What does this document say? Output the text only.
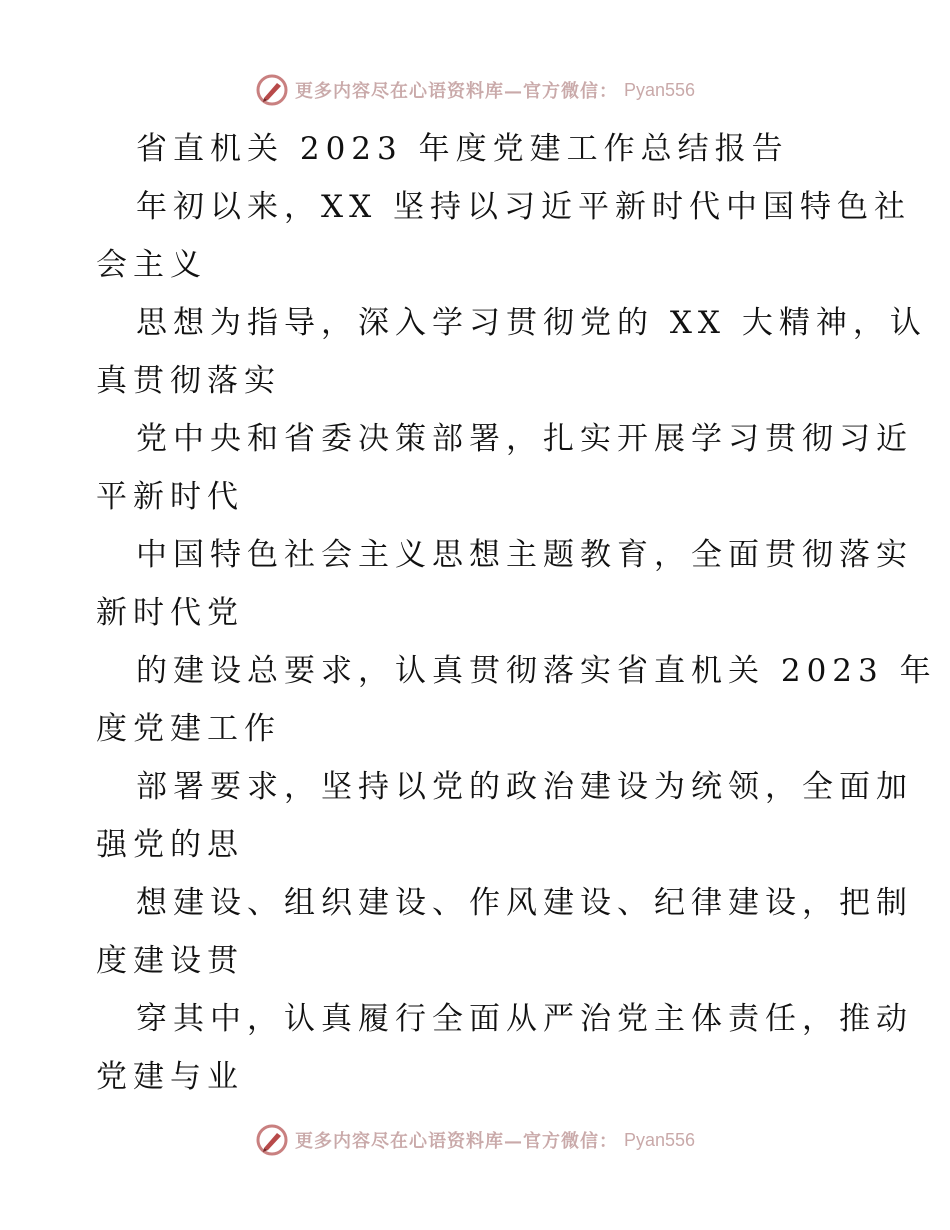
更多内容尽在心语资料库—官方微信： Pyan556
省直机关 2023 年度党建工作总结报告
年初以来，XX 坚持以习近平新时代中国特色社
会主义
思想为指导，深入学习贯彻党的 XX 大精神，认
真贯彻落实
党中央和省委决策部署，扎实开展学习贯彻习近
平新时代
中国特色社会主义思想主题教育，全面贯彻落实
新时代党
的建设总要求，认真贯彻落实省直机关 2023 年
度党建工作
部署要求，坚持以党的政治建设为统领，全面加
强党的思
想建设、组织建设、作风建设、纪律建设，把制
度建设贯
穿其中，认真履行全面从严治党主体责任，推动
党建与业
更多内容尽在心语资料库—官方微信： Pyan556
